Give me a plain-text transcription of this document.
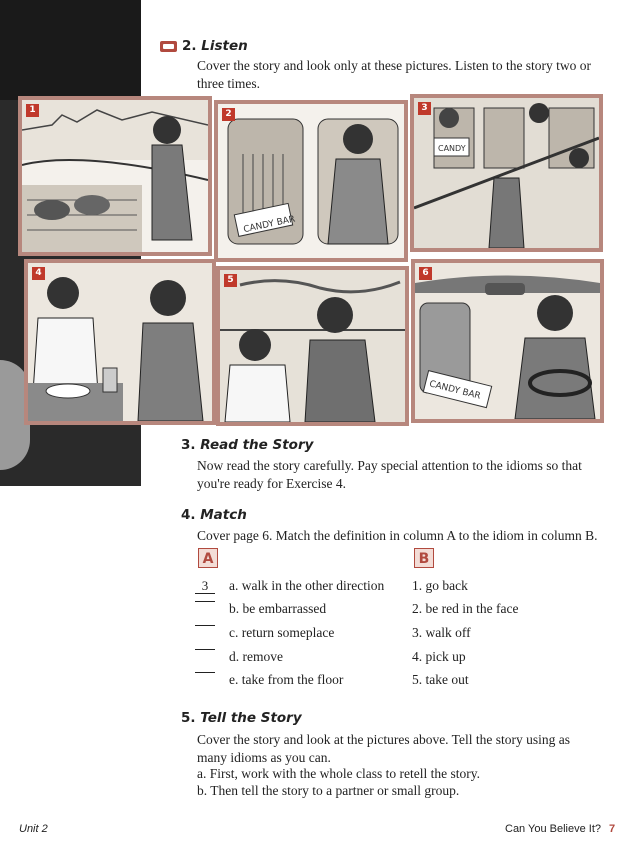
2. Listen
Cover the story and look only at these pictures. Listen to the story two or three times.
1
CANDY BAR
2
CANDY
3
4
5
CANDY BAR
6
3. Read the Story
Now read the story carefully. Pay special attention to the idioms so that you're ready for Exercise 4.
4. Match
Cover page 6. Match the definition in column A to the idiom in column B.
A	B
3	a. walk in the other direction 1. go back
b. be embarrassed	2. be red in the face
c. return someplace	3. walk off
d. remove	4. pick up
e. take from the floor	5. take out
5. Tell the Story
Cover the story and look at the pictures above. Tell the story using as many idioms as you can.
a. First, work with the whole class to retell the story.
b. Then tell the story to a partner or small group.
Unit 2	Can You Believe It? 7
